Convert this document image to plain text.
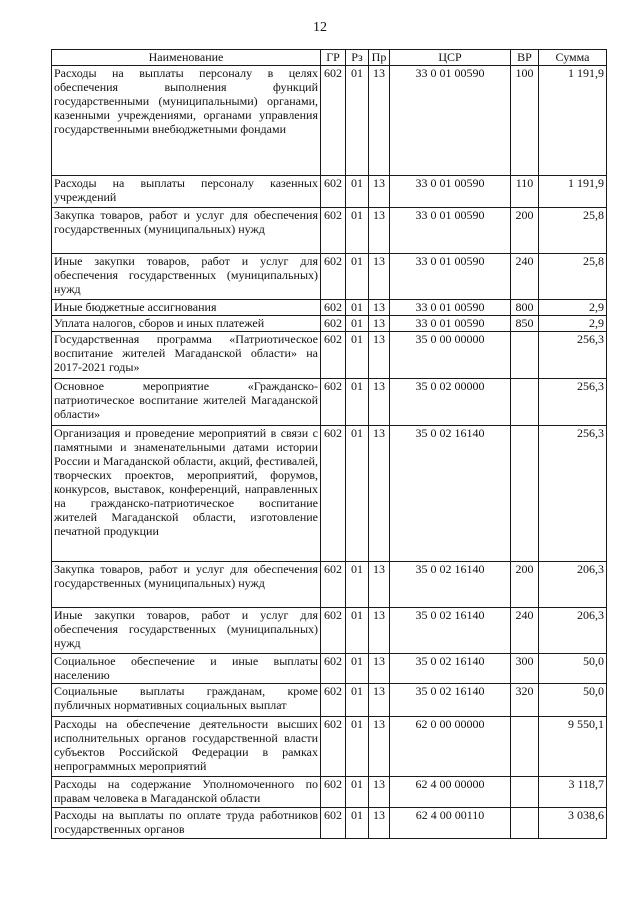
12
Наименование	ГР	Рз	Пр	ЦСР	ВР	Сумма
Расходы на выплаты персоналу в целях обеспечения выполнения функций государственными (муниципальными) органами, казенными учреждениями, органами управления государственными внебюджетными фондами	602	01	13	33 0 01 00590	100	1 191,9
Расходы на выплаты персоналу казенных учреждений	602	01	13	33 0 01 00590	110	1 191,9
Закупка товаров, работ и услуг для обеспечения государственных (муниципальных) нужд	602	01	13	33 0 01 00590	200	25,8
Иные закупки товаров, работ и услуг для обеспечения государственных (муниципальных) нужд	602	01	13	33 0 01 00590	240	25,8
Иные бюджетные ассигнования	602	01	13	33 0 01 00590	800	2,9
Уплата налогов, сборов и иных платежей	602	01	13	33 0 01 00590	850	2,9
Государственная программа «Патриотическое воспитание жителей Магаданской области» на 2017-2021 годы»	602	01	13	35 0 00 00000		256,3
Основное мероприятие «Гражданско-патриотическое воспитание жителей Магаданской области»	602	01	13	35 0 02 00000		256,3
Организация и проведение мероприятий в связи с памятными и знаменательными датами истории России и Магаданской области, акций, фестивалей, творческих проектов, мероприятий, форумов, конкурсов, выставок, конференций, направленных на гражданско-патриотическое воспитание жителей Магаданской области, изготовление печатной продукции	602	01	13	35 0 02 16140		256,3
Закупка товаров, работ и услуг для обеспечения государственных (муниципальных) нужд	602	01	13	35 0 02 16140	200	206,3
Иные закупки товаров, работ и услуг для обеспечения государственных (муниципальных) нужд	602	01	13	35 0 02 16140	240	206,3
Социальное обеспечение и иные выплаты населению	602	01	13	35 0 02 16140	300	50,0
Социальные выплаты гражданам, кроме публичных нормативных социальных выплат	602	01	13	35 0 02 16140	320	50,0
Расходы на обеспечение деятельности высших исполнительных органов государственной власти субъектов Российской Федерации в рамках непрограммных мероприятий	602	01	13	62 0 00 00000		9 550,1
Расходы на содержание Уполномоченного по правам человека в Магаданской области	602	01	13	62 4 00 00000		3 118,7
Расходы на выплаты по оплате труда работников государственных органов	602	01	13	62 4 00 00110		3 038,6
